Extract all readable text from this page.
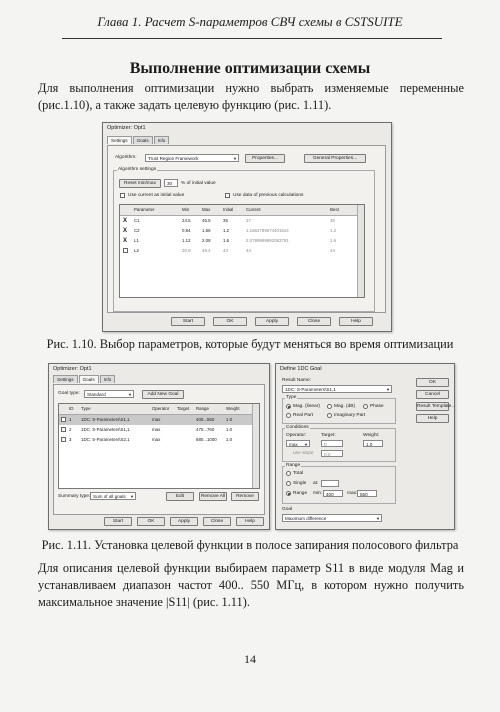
Глава 1. Расчет S-параметров СВЧ схемы в CSTSUITE
Выполнение оптимизации схемы
Для выполнения оптимизации нужно выбрать изменяемые переменные (рис.1.10), а также задать целевую функцию (рис. 1.11).
Optimizer: Opt1
Settings	Goals	Info
Algorithm:	Trust Region Framework	▼	Properties...	General Properties...
Algorithm settings
Reset min/max	30	% of initial value
Use current as initial value	Use data of previous calculations
Parameter	Min	Max	Initial	Current	Best
X C1	24.5	45.5	35	37	35
X C2	0.84	1.56	1.2	1.1562789674401524	1.2
X L1	1.12	2.08	1.6	2.0789999992083791	1.6
L2	30.8	49.4	44	44	44
Start	OK	Apply	Close	Help
Рис. 1.10. Выбор параметров, которые будут меняться во время оптимизации
Optimizer: Opt1
Settings	Goals	Info
Goal type:	Standard	▼	Add New Goal
ID Type	Operator Target Range	Weight
1 1DC: S-Parameters\S1,1	max	400...550	1.0
2 1DC: S-Parameters\S1,1	max	470...760	1.0
3 1DC: S-Parameters\S2,1	max	680...1000 1.0
Summary type: Sum of all goals ▼	Edit	Remove All	Remove
Start	OK	Apply	Close	Help
Define 1DC Goal
Result Name:
1DC: S-Parameters\S1,1	▼
Type
Mag. (linear)	Mag. (dB)	Phase
Real Part	Imaginary Part
Conditions
Operator:
max ▼
Target:
0
Weight:
1.0
use slope	0.0
Range
Total
Single at:
Range min: 400	max: 550
Goal
Maximum difference	▼
OK
Cancel
Result Template...
Help
Рис. 1.11. Установка целевой функции в полосе запирания полосового фильтра
Для описания целевой функции выбираем параметр S11 в виде модуля Mag и устанавливаем диапазон частот 400.. 550 МГц, в котором нужно получить максимальное значение |S11| (рис. 1.11).
14
